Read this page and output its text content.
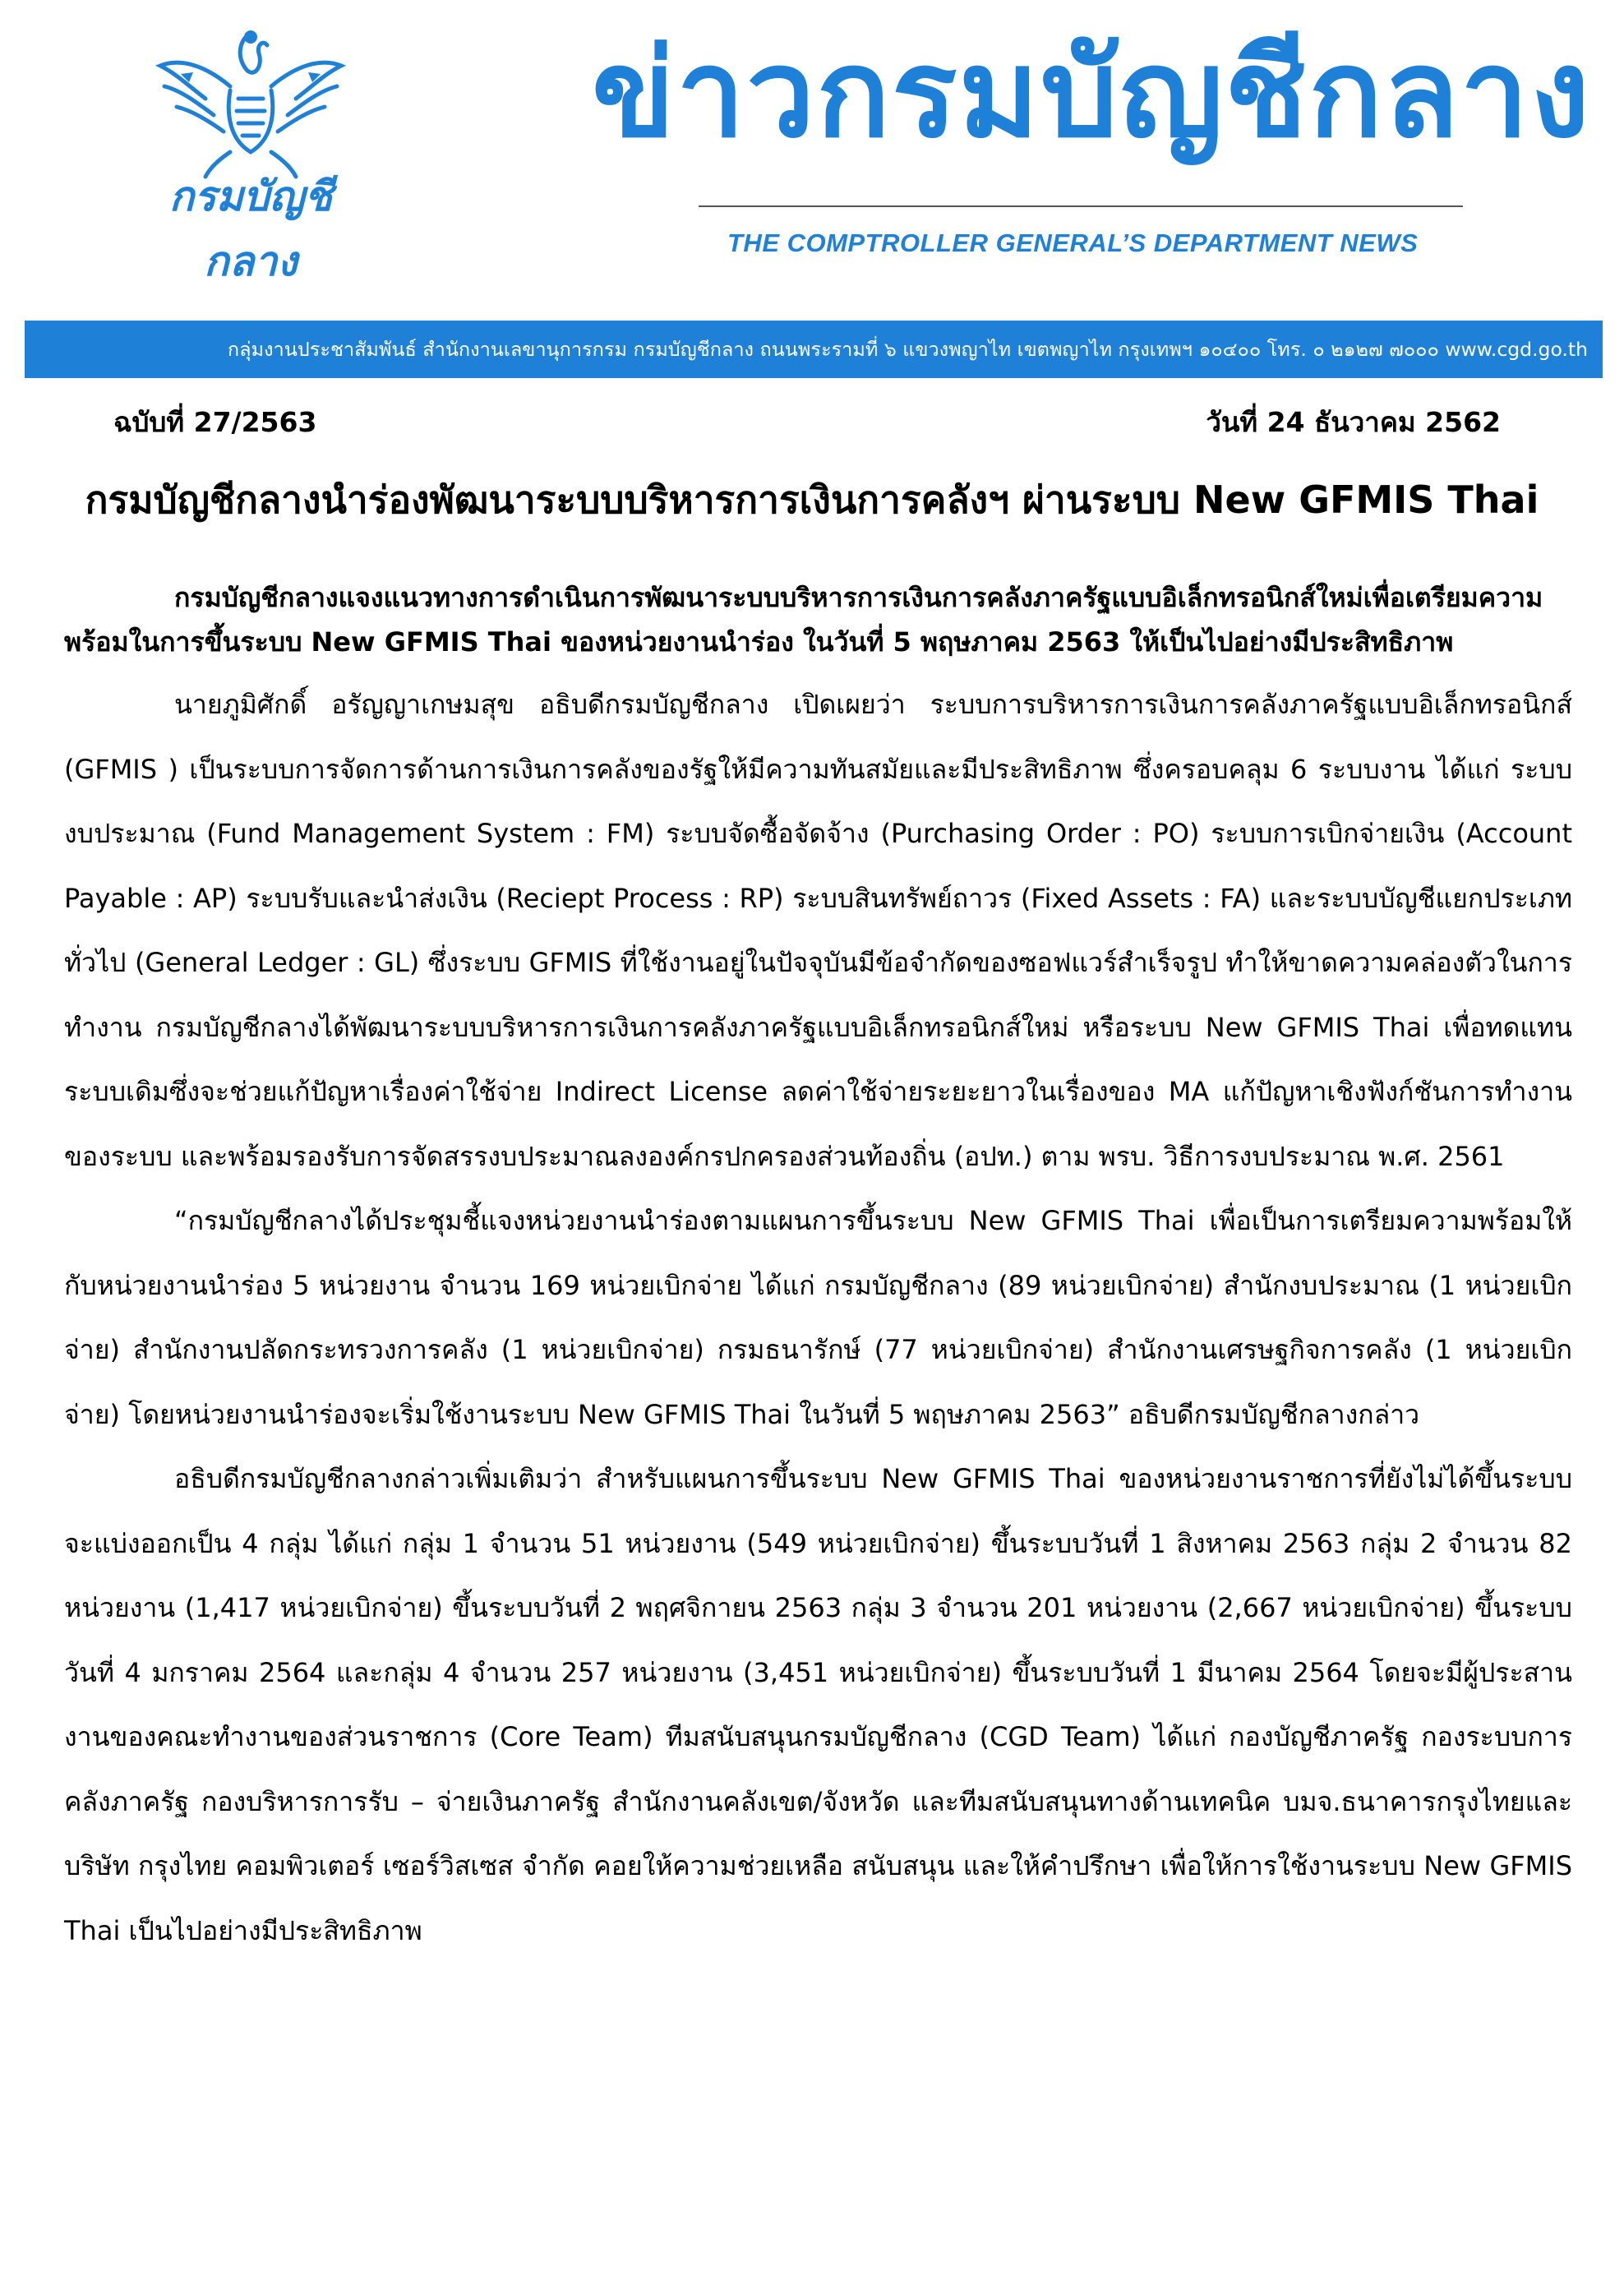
กรมบัญชีกลาง
ข่าวกรมบัญชีกลาง
THE COMPTROLLER GENERAL’S DEPARTMENT NEWS
กลุ่มงานประชาสัมพันธ์ สำนักงานเลขานุการกรม กรมบัญชีกลาง ถนนพระรามที่ ๖ แขวงพญาไท เขตพญาไท กรุงเทพฯ ๑๐๔๐๐ โทร. ๐ ๒๑๒๗ ๗๐๐๐ www.cgd.go.th
ฉบับที่ 27/2563	วันที่ 24 ธันวาคม 2562
กรมบัญชีกลางนำร่องพัฒนาระบบบริหารการเงินการคลังฯ ผ่านระบบ New GFMIS Thai

กรมบัญชีกลางแจงแนวทางการดำเนินการพัฒนาระบบบริหารการเงินการคลังภาครัฐแบบอิเล็กทรอนิกส์ใหม่เพื่อเตรียมความพร้อมในการขึ้นระบบ New GFMIS Thai ของหน่วยงานนำร่อง ในวันที่ 5 พฤษภาคม 2563 ให้เป็นไปอย่างมีประสิทธิภาพ

นายภูมิศักดิ์ อรัญญาเกษมสุข อธิบดีกรมบัญชีกลาง เปิดเผยว่า ระบบการบริหารการเงินการคลังภาครัฐแบบอิเล็กทรอนิกส์ (GFMIS ) เป็นระบบการจัดการด้านการเงินการคลังของรัฐให้มีความทันสมัยและมีประสิทธิภาพ ซึ่งครอบคลุม 6 ระบบงาน ได้แก่ ระบบงบประมาณ (Fund Management System : FM) ระบบจัดซื้อจัดจ้าง (Purchasing Order : PO) ระบบการเบิกจ่ายเงิน (Account Payable : AP) ระบบรับและนำส่งเงิน (Reciept Process : RP) ระบบสินทรัพย์ถาวร (Fixed Assets : FA) และระบบบัญชีแยกประเภททั่วไป (General Ledger : GL) ซึ่งระบบ GFMIS ที่ใช้งานอยู่ในปัจจุบันมีข้อจำกัดของซอฟแวร์สำเร็จรูป ทำให้ขาดความคล่องตัวในการทำงาน กรมบัญชีกลางได้พัฒนาระบบบริหารการเงินการคลังภาครัฐแบบอิเล็กทรอนิกส์ใหม่ หรือระบบ New GFMIS Thai เพื่อทดแทนระบบเดิมซึ่งจะช่วยแก้ปัญหาเรื่องค่าใช้จ่าย Indirect License ลดค่าใช้จ่ายระยะยาวในเรื่องของ MA แก้ปัญหาเชิงฟังก์ชันการทำงานของระบบ และพร้อมรองรับการจัดสรรงบประมาณลงองค์กรปกครองส่วนท้องถิ่น (อปท.) ตาม พรบ. วิธีการงบประมาณ พ.ศ. 2561

“กรมบัญชีกลางได้ประชุมชี้แจงหน่วยงานนำร่องตามแผนการขึ้นระบบ New GFMIS Thai เพื่อเป็นการเตรียมความพร้อมให้กับหน่วยงานนำร่อง 5 หน่วยงาน จำนวน 169 หน่วยเบิกจ่าย ได้แก่ กรมบัญชีกลาง (89 หน่วยเบิกจ่าย) สำนักงบประมาณ (1 หน่วยเบิกจ่าย) สำนักงานปลัดกระทรวงการคลัง (1 หน่วยเบิกจ่าย) กรมธนารักษ์ (77 หน่วยเบิกจ่าย) สำนักงานเศรษฐกิจการคลัง (1 หน่วยเบิกจ่าย) โดยหน่วยงานนำร่องจะเริ่มใช้งานระบบ New GFMIS Thai ในวันที่ 5 พฤษภาคม 2563” อธิบดีกรมบัญชีกลางกล่าว

อธิบดีกรมบัญชีกลางกล่าวเพิ่มเติมว่า สำหรับแผนการขึ้นระบบ New GFMIS Thai ของหน่วยงานราชการที่ยังไม่ได้ขึ้นระบบ จะแบ่งออกเป็น 4 กลุ่ม ได้แก่ กลุ่ม 1 จำนวน 51 หน่วยงาน (549 หน่วยเบิกจ่าย) ขึ้นระบบวันที่ 1 สิงหาคม 2563 กลุ่ม 2 จำนวน 82 หน่วยงาน (1,417 หน่วยเบิกจ่าย) ขึ้นระบบวันที่ 2 พฤศจิกายน 2563 กลุ่ม 3 จำนวน 201 หน่วยงาน (2,667 หน่วยเบิกจ่าย) ขึ้นระบบวันที่ 4 มกราคม 2564 และกลุ่ม 4 จำนวน 257 หน่วยงาน (3,451 หน่วยเบิกจ่าย) ขึ้นระบบวันที่ 1 มีนาคม 2564 โดยจะมีผู้ประสานงานของคณะทำงานของส่วนราชการ (Core Team) ทีมสนับสนุนกรมบัญชีกลาง (CGD Team) ได้แก่ กองบัญชีภาครัฐ กองระบบการคลังภาครัฐ กองบริหารการรับ – จ่ายเงินภาครัฐ สำนักงานคลังเขต/จังหวัด และทีมสนับสนุนทางด้านเทคนิค บมจ.ธนาคารกรุงไทยและบริษัท กรุงไทย คอมพิวเตอร์ เซอร์วิสเซส จำกัด คอยให้ความช่วยเหลือ สนับสนุน และให้คำปรึกษา เพื่อให้การใช้งานระบบ New GFMIS Thai เป็นไปอย่างมีประสิทธิภาพ
